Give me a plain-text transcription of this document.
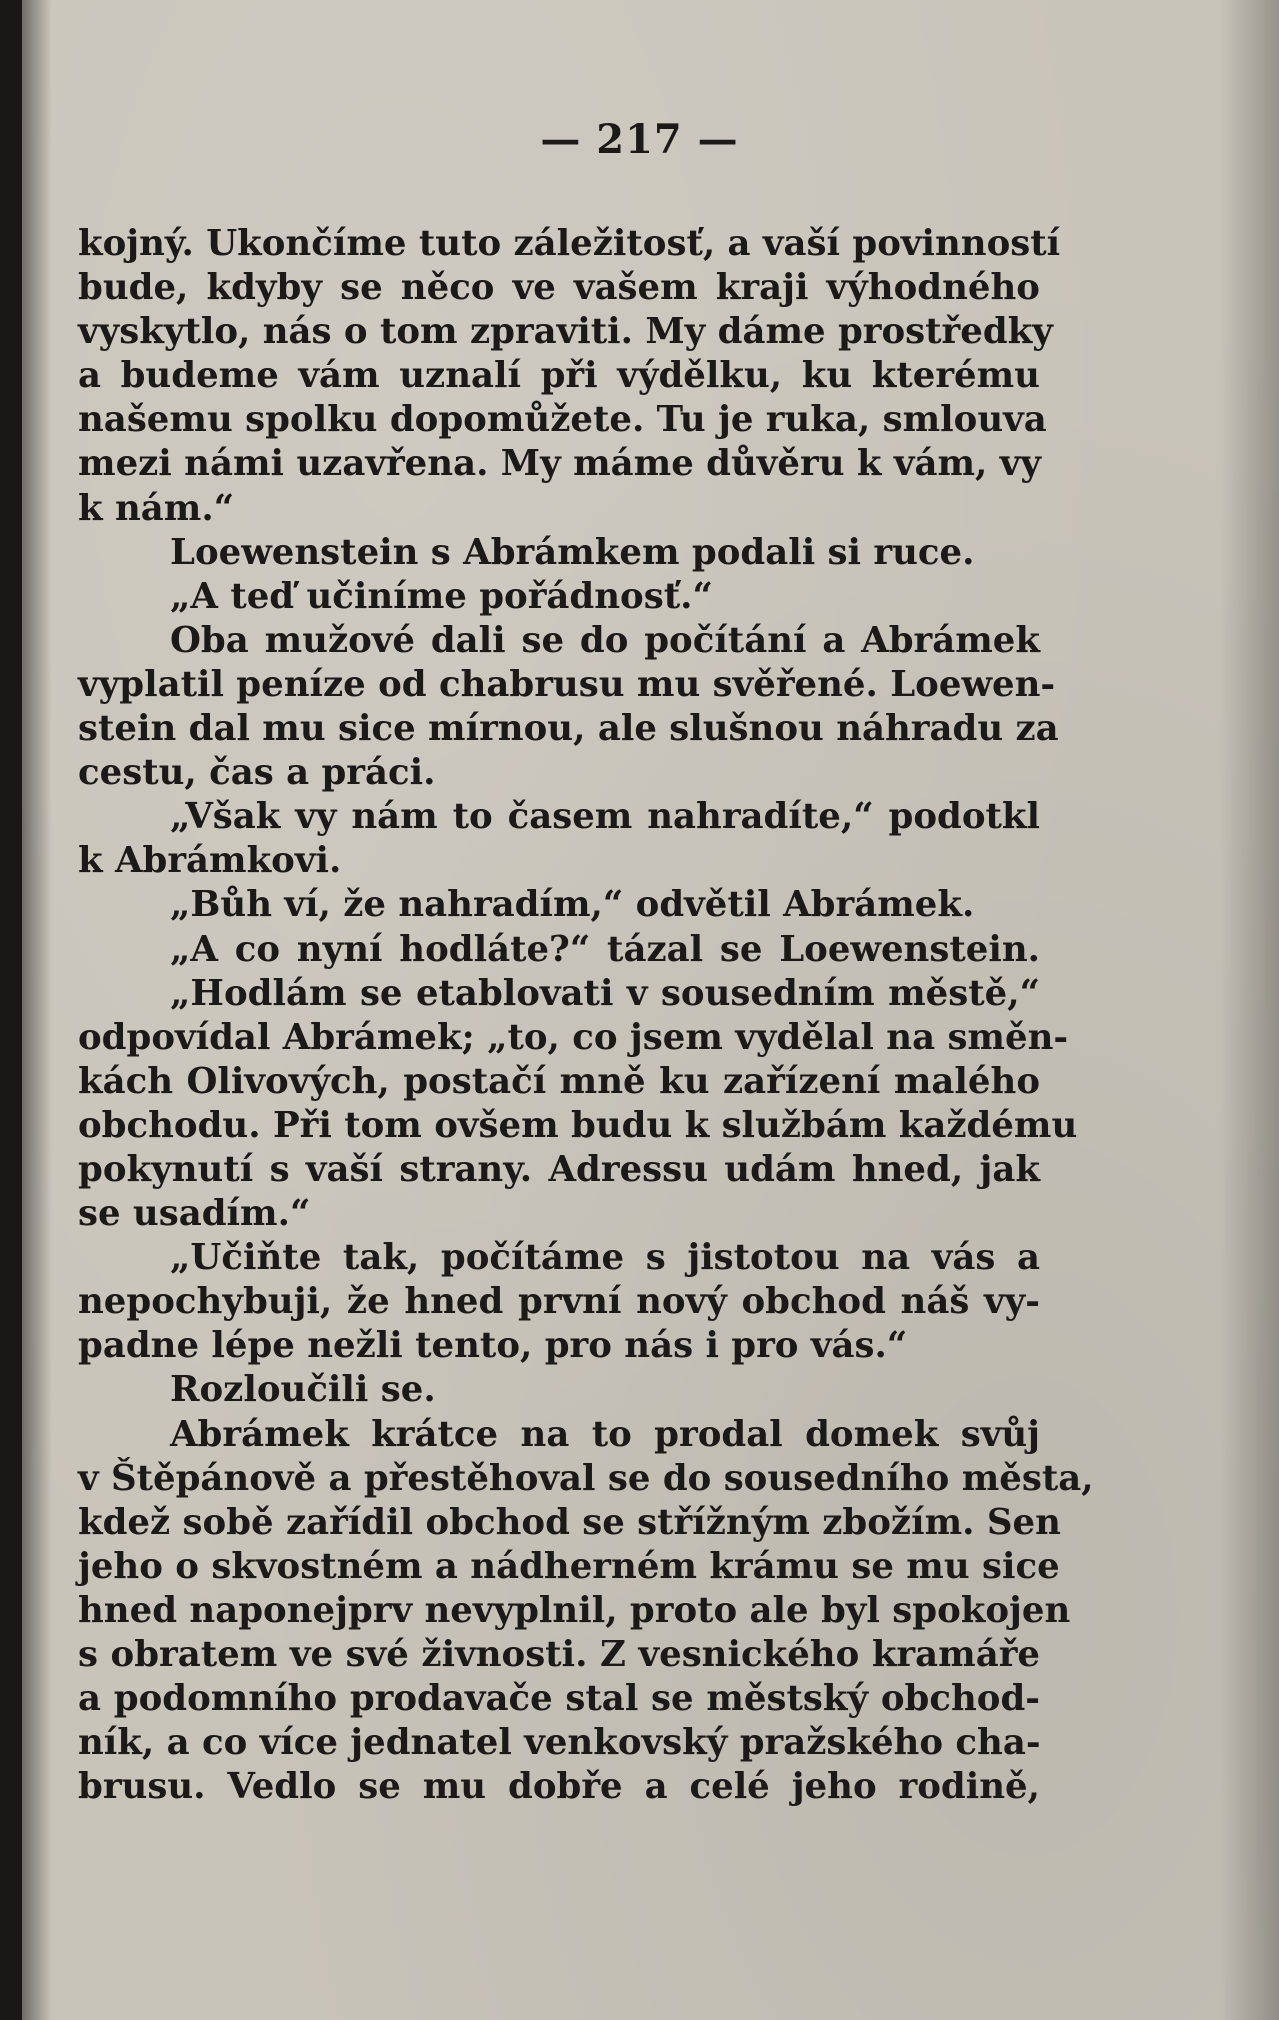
— 217 —
kojný. Ukončíme tuto záležitosť, a vaší povinností
bude, kdyby se něco ve vašem kraji výhodného
vyskytlo, nás o tom zpraviti. My dáme prostředky
a budeme vám uznalí při výdělku, ku kterému
našemu spolku dopomůžete. Tu je ruka, smlouva
mezi námi uzavřena. My máme důvěru k vám, vy
k nám.“
Loewenstein s Abrámkem podali si ruce.
„A teď učiníme pořádnosť.“
Oba mužové dali se do počítání a Abrámek
vyplatil peníze od chabrusu mu svěřené. Loewen-
stein dal mu sice mírnou, ale slušnou náhradu za
cestu, čas a práci.
„Však vy nám to časem nahradíte,“ podotkl
k Abrámkovi.
„Bůh ví, že nahradím,“ odvětil Abrámek.
„A co nyní hodláte?“ tázal se Loewenstein.
„Hodlám se etablovati v sousedním městě,“
odpovídal Abrámek; „to, co jsem vydělal na směn-
kách Olivových, postačí mně ku zařízení malého
obchodu. Při tom ovšem budu k službám každému
pokynutí s vaší strany. Adressu udám hned, jak
se usadím.“
„Učiňte tak, počítáme s jistotou na vás a
nepochybuji, že hned první nový obchod náš vy-
padne lépe nežli tento, pro nás i pro vás.“
Rozloučili se.
Abrámek krátce na to prodal domek svůj
v Štěpánově a přestěhoval se do sousedního města,
kdež sobě zařídil obchod se střížným zbožím. Sen
jeho o skvostném a nádherném krámu se mu sice
hned naponejprv nevyplnil, proto ale byl spokojen
s obratem ve své živnosti. Z vesnického kramáře
a podomního prodavače stal se městský obchod-
ník, a co více jednatel venkovský pražského cha-
brusu. Vedlo se mu dobře a celé jeho rodině,
